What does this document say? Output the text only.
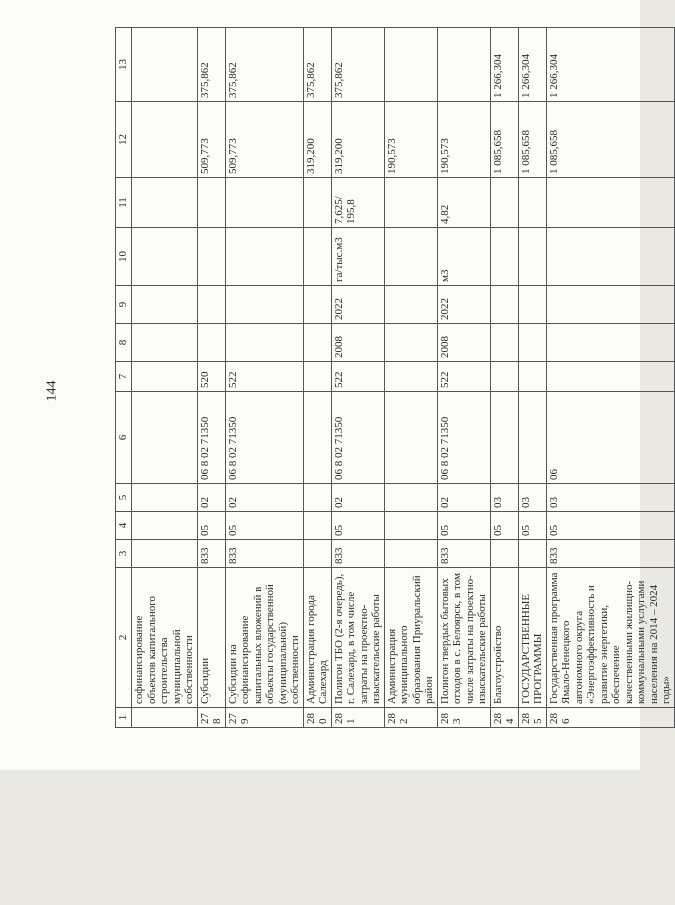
144
1	2	3	4	5	6	7	8	9	10	11	12	13
	софинансирование объектов капитального строительства муниципальной собственности											
278	Субсидии	833	05	02	06 8 02 71350	520					509,773	375,862
279	Субсидии на софинансирование капитальных вложений в объекты государственной (муниципальной) собственности	833	05	02	06 8 02 71350	522					509,773	375,862
280	Администрация города Салехард										319,200	375,862
281	Полигон ТБО (2-я очередь), г. Салехард, в том числе затраты на проектно-изыскательские работы	833	05	02	06 8 02 71350	522	2008	2022	га/тыс.м3	7,625/ 195,8	319,200	375,862
282	Администрация муниципального образования Приуральский район										190,573	
283	Полигон твердых бытовых отходов в с. Белоярск, в том числе затраты на проектно-изыскательские работы	833	05	02	06 8 02 71350	522	2008	2022	м3	4,82	190,573	
284	Благоустройство		05	03							1 085,658	1 266,304
285	ГОСУДАРСТВЕННЫЕ ПРОГРАММЫ		05	03							1 085,658	1 266,304
286	Государственная программа Ямало-Ненецкого автономного округа «Энергоэффективность и развитие энергетики, обеспечение качественными жилищно-коммунальными услугами населения на 2014 – 2024 годы»	833	05	03	06						1 085,658	1 266,304
